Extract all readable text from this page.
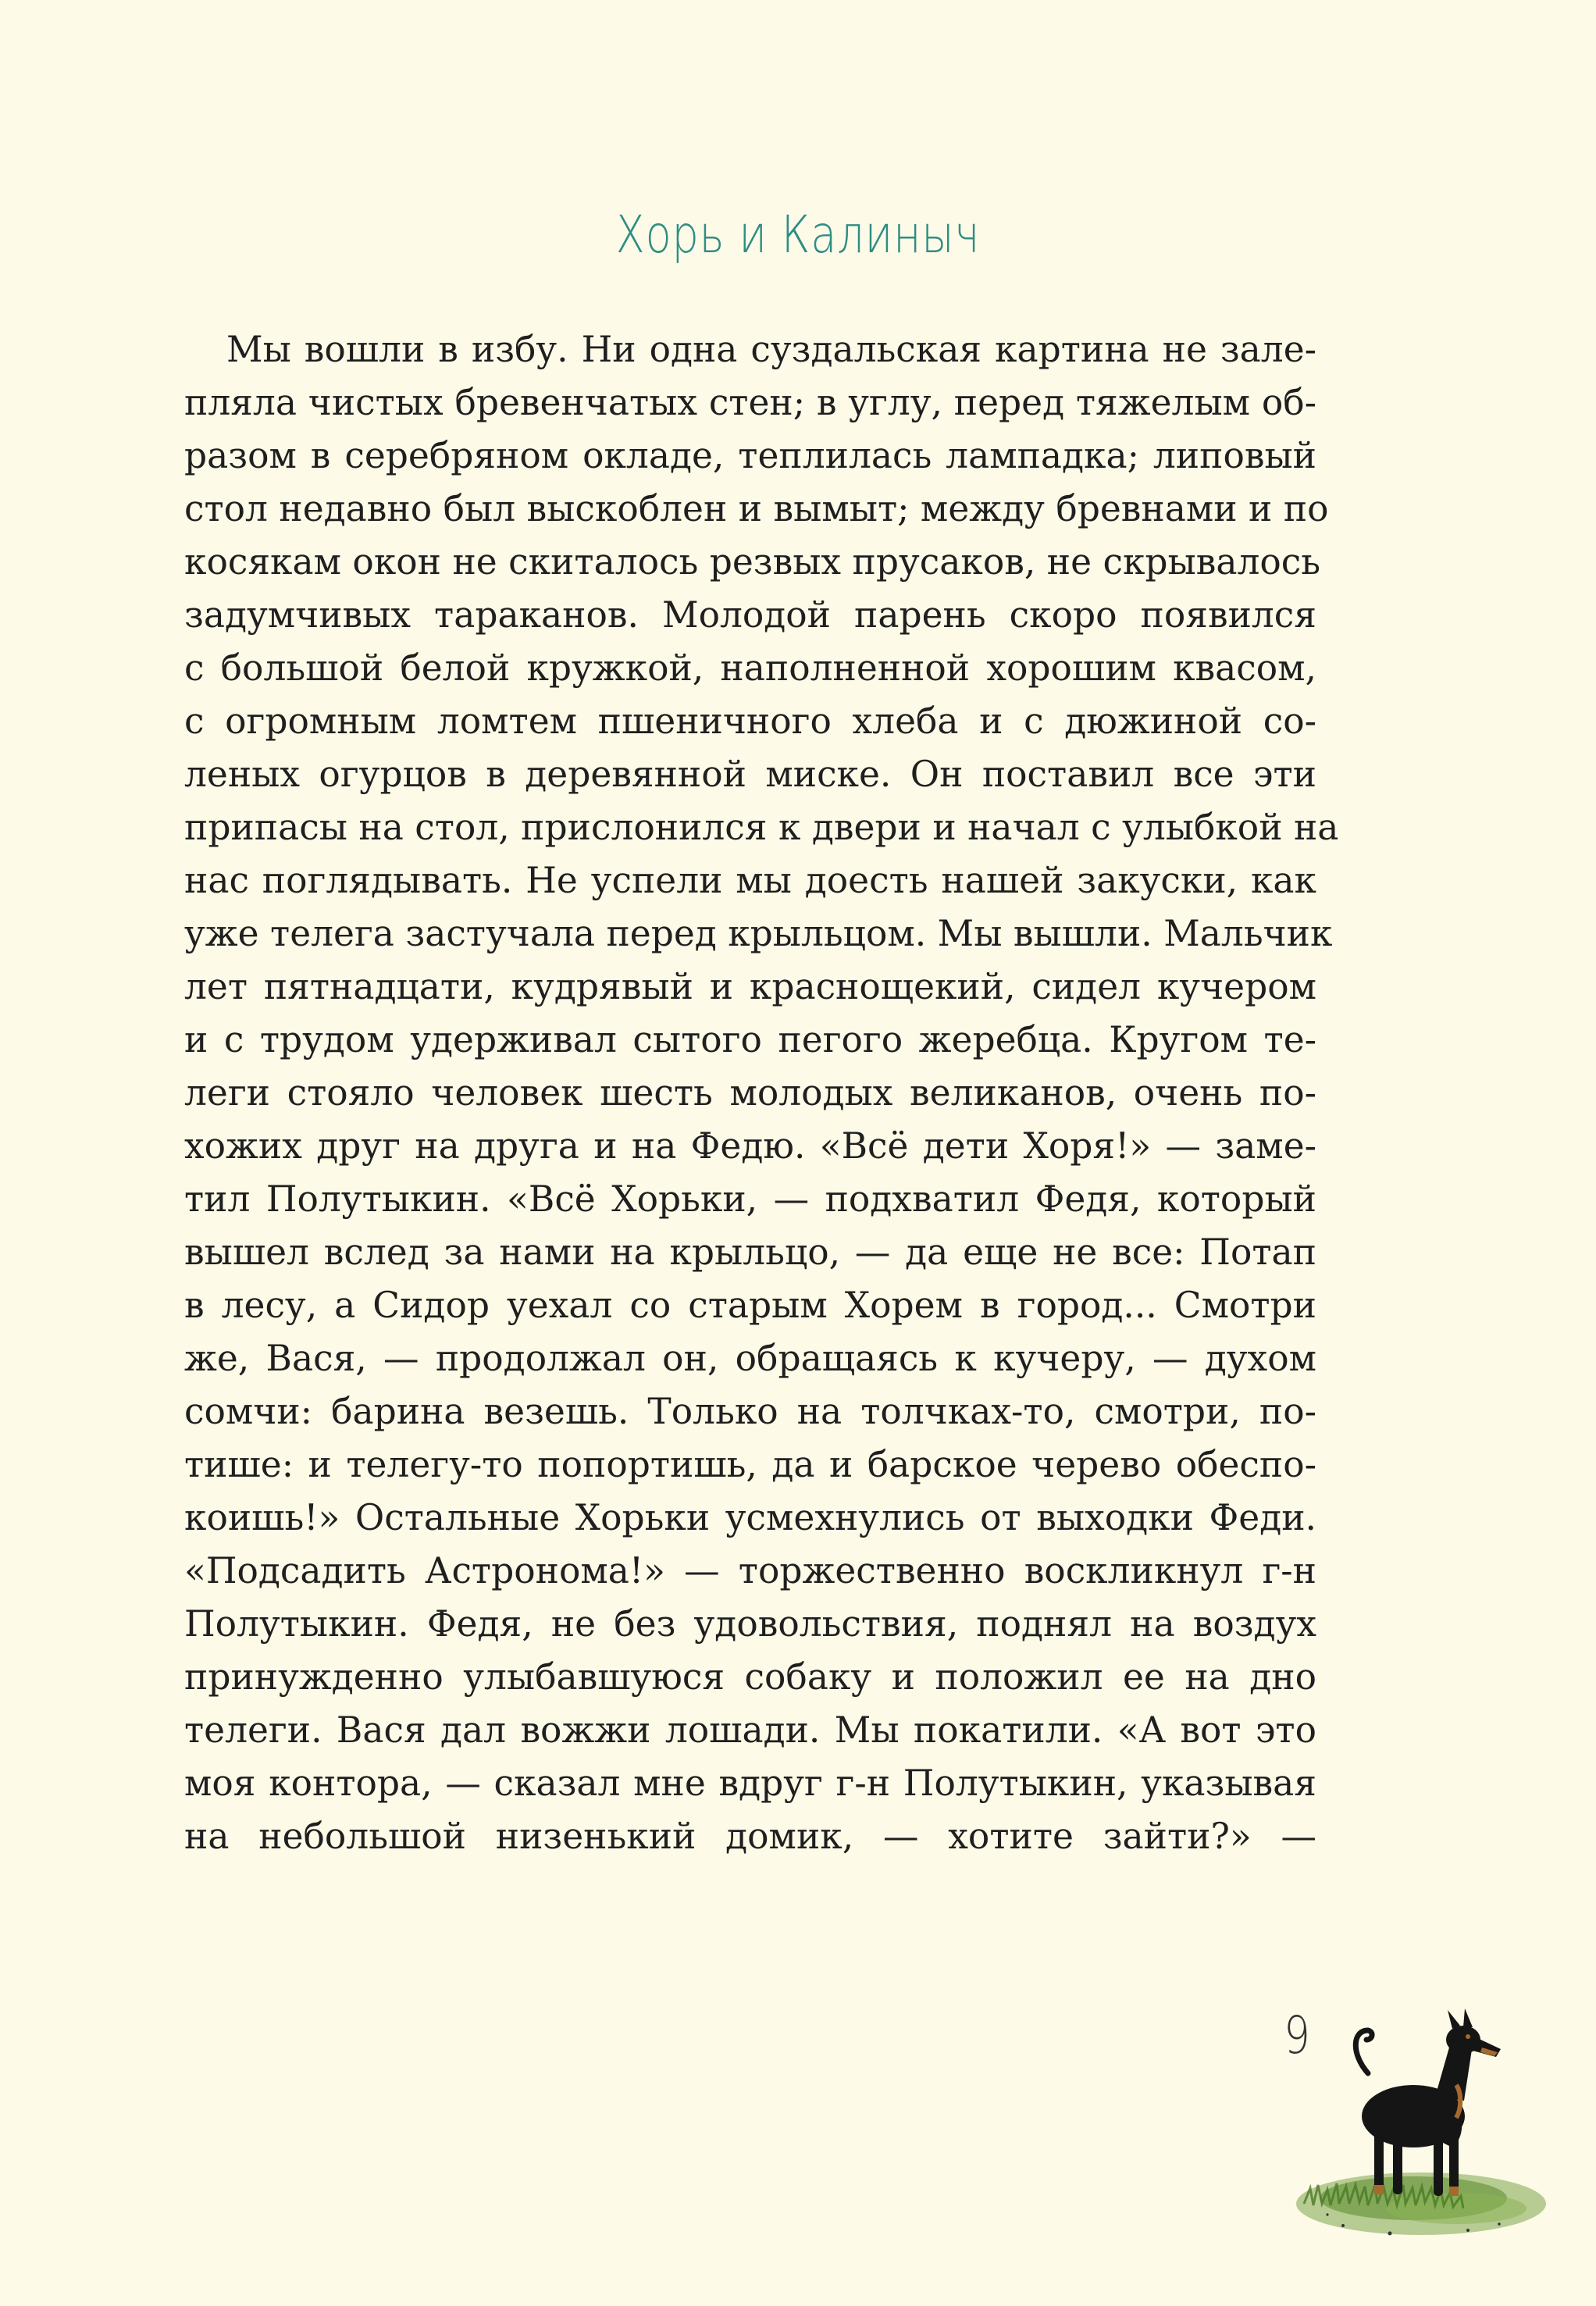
Хорь и Калиныч
Мы вошли в избу. Ни одна суздальская картина не зале-
пляла чистых бревенчатых стен; в углу, перед тяжелым об-
разом в серебряном окладе, теплилась лампадка; липовый
стол недавно был выскоблен и вымыт; между бревнами и по
косякам окон не скиталось резвых прусаков, не скрывалось
задумчивых тараканов. Молодой парень скоро появился
с большой белой кружкой, наполненной хорошим квасом,
с огромным ломтем пшеничного хлеба и с дюжиной со-
леных огурцов в деревянной миске. Он поставил все эти
припасы на стол, прислонился к двери и начал с улыбкой на
нас поглядывать. Не успели мы доесть нашей закуски, как
уже телега застучала перед крыльцом. Мы вышли. Мальчик
лет пятнадцати, кудрявый и краснощекий, сидел кучером
и с трудом удерживал сытого пегого жеребца. Кругом те-
леги стояло человек шесть молодых великанов, очень по-
хожих друг на друга и на Федю. «Всё дети Хоря!» — заме-
тил Полутыкин. «Всё Хорьки, — подхватил Федя, который
вышел вслед за нами на крыльцо, — да еще не все: Потап
в лесу, а Сидор уехал со старым Хорем в город... Смотри
же, Вася, — продолжал он, обращаясь к кучеру, — духом
сомчи: барина везешь. Только на толчках-то, смотри, по-
тише: и телегу-то попортишь, да и барское черево обеспо-
коишь!» Остальные Хорьки усмехнулись от выходки Феди.
«Подсадить Астронома!» — торжественно воскликнул г-н
Полутыкин. Федя, не без удовольствия, поднял на воздух
принужденно улыбавшуюся собаку и положил ее на дно
телеги. Вася дал вожжи лошади. Мы покатили. «А вот это
моя контора, — сказал мне вдруг г-н Полутыкин, указывая
на небольшой низенький домик, — хотите зайти?» —
9
